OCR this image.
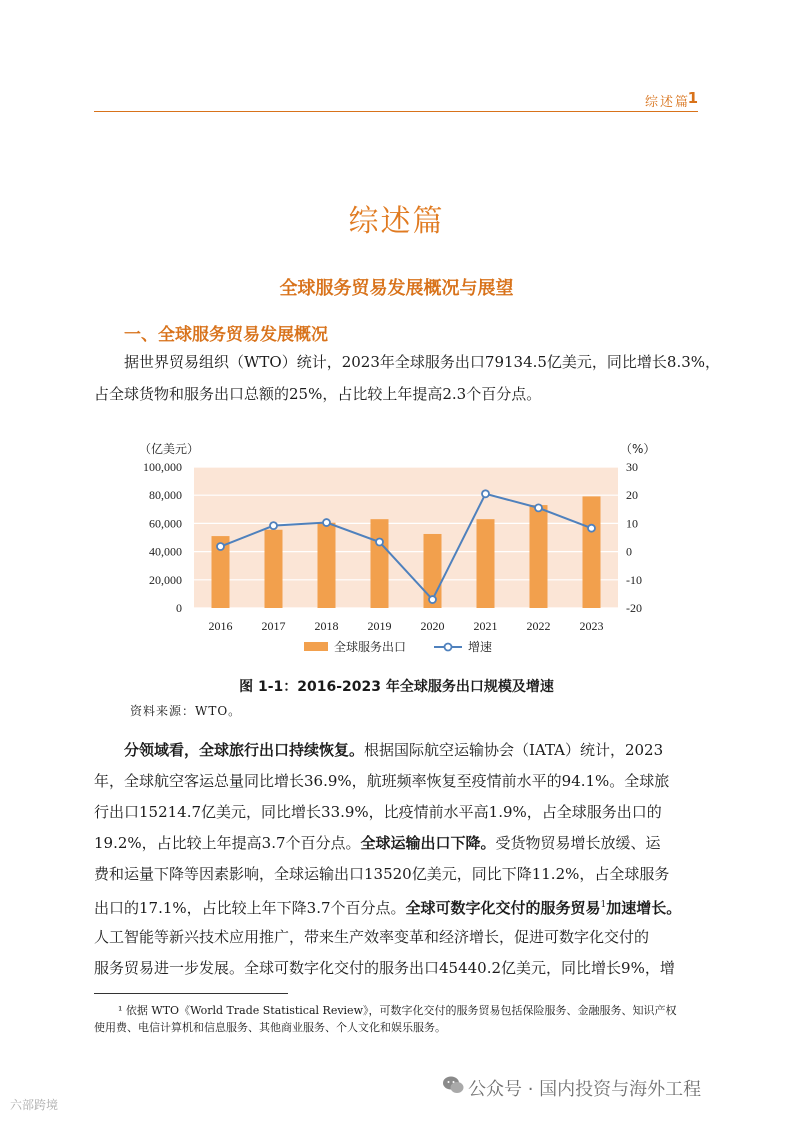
综述篇
1
综述篇
全球服务贸易发展概况与展望
一、全球服务贸易发展概况
据世界贸易组织（WTO）统计，2023年全球服务出口79134.5亿美元，同比增长8.3%，
占全球货物和服务出口总额的25%，占比较上年提高2.3个百分点。
0
20,000
40,000
60,000
80,000
100,000
-20
-10
0
10
20
30
（亿美元）	（%）
2016 2017 2018 2019 2020 2021 2022 2023
全球服务出口	增速
图 1-1：2016-2023 年全球服务出口规模及增速
资料来源：WTO。
分领域看，全球旅行出口持续恢复。根据国际航空运输协会（IATA）统计，2023
年，全球航空客运总量同比增长36.9%，航班频率恢复至疫情前水平的94.1%。全球旅
行出口15214.7亿美元，同比增长33.9%，比疫情前水平高1.9%，占全球服务出口的
19.2%，占比较上年提高3.7个百分点。全球运输出口下降。受货物贸易增长放缓、运
费和运量下降等因素影响，全球运输出口13520亿美元，同比下降11.2%，占全球服务
出口的17.1%，占比较上年下降3.7个百分点。全球可数字化交付的服务贸易$^1$加速增长。
人工智能等新兴技术应用推广，带来生产效率变革和经济增长，促进可数字化交付的
服务贸易进一步发展。全球可数字化交付的服务出口45440.2亿美元，同比增长9%，增
¹ 依据 WTO《World Trade Statistical Review》，可数字化交付的服务贸易包括保险服务、金融服务、知识产权
使用费、电信计算机和信息服务、其他商业服务、个人文化和娱乐服务。
公众号 · 国内投资与海外工程
六部跨境
